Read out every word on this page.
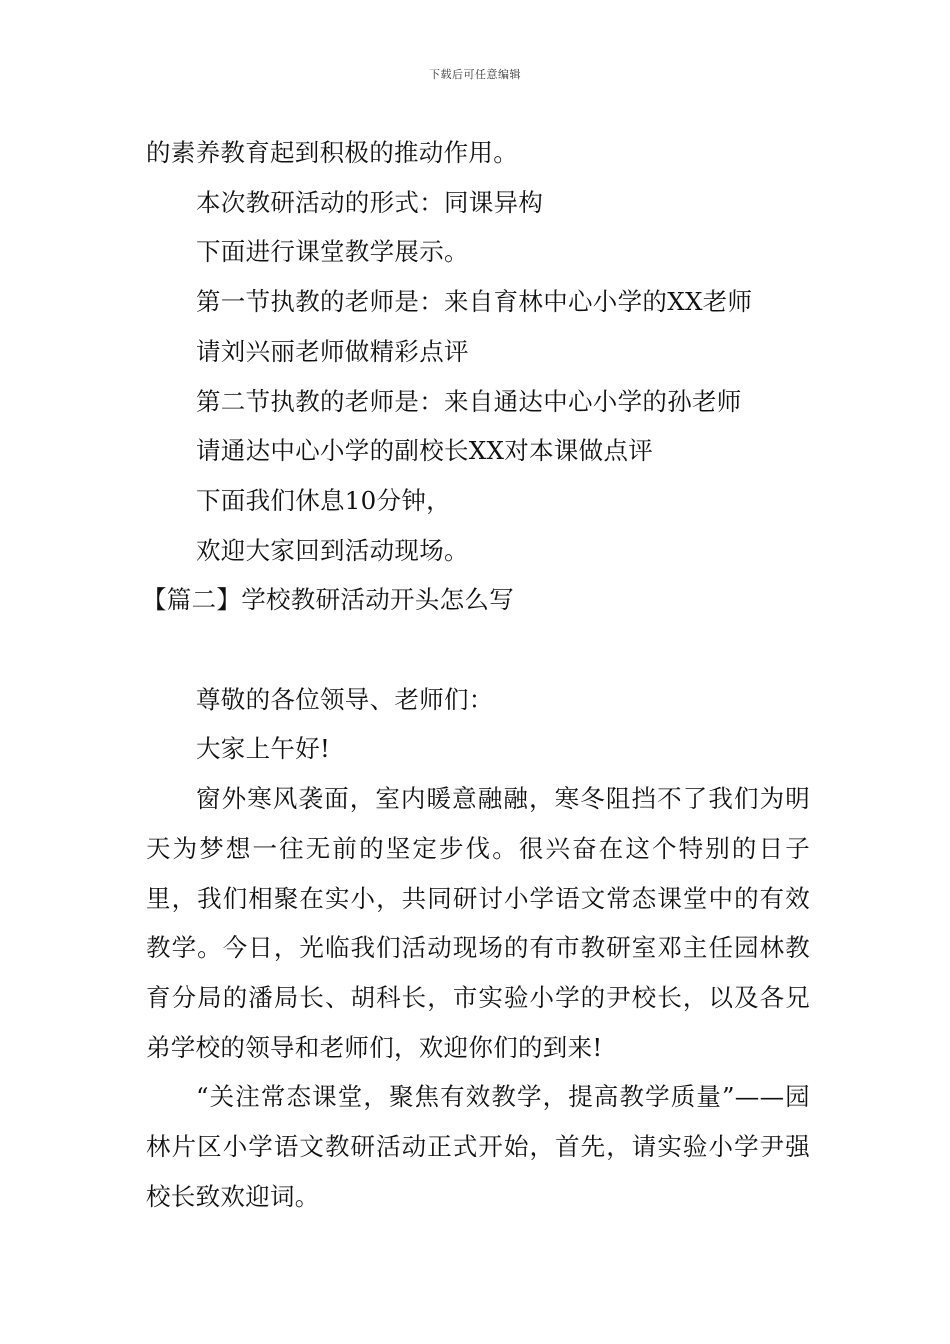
下载后可任意编辑

的素养教育起到积极的推动作用。

本次教研活动的形式：同课异构

下面进行课堂教学展示。

第一节执教的老师是：来自育林中心小学的XX老师

请刘兴丽老师做精彩点评

第二节执教的老师是：来自通达中心小学的孙老师

请通达中心小学的副校长XX对本课做点评

下面我们休息10分钟，

欢迎大家回到活动现场。

【篇二】学校教研活动开头怎么写

尊敬的各位领导、老师们：

大家上午好!

窗外寒风袭面，室内暖意融融，寒冬阻挡不了我们为明天为梦想一往无前的坚定步伐。很兴奋在这个特别的日子里，我们相聚在实小，共同研讨小学语文常态课堂中的有效教学。今日，光临我们活动现场的有市教研室邓主任园林教育分局的潘局长、胡科长，市实验小学的尹校长，以及各兄弟学校的领导和老师们，欢迎你们的到来!

“关注常态课堂，聚焦有效教学，提高教学质量”——园林片区小学语文教研活动正式开始，首先，请实验小学尹强校长致欢迎词。
